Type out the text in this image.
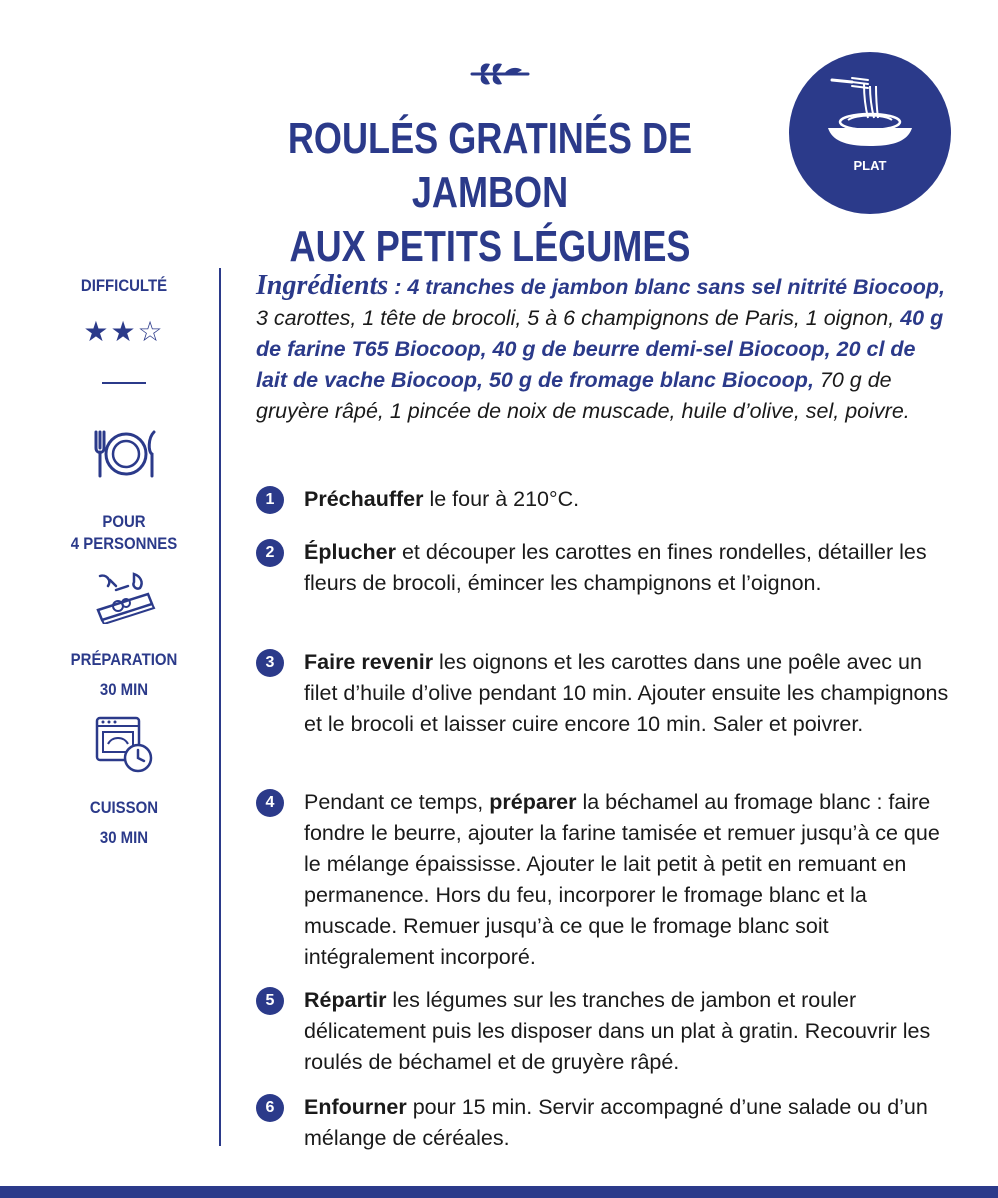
ROULÉS GRATINÉS DE JAMBON
AUX PETITS LÉGUMES
PLAT
DIFFICULTÉ
★★☆
POUR
4 PERSONNES
PRÉPARATION
30 MIN
CUISSON
30 MIN
Ingrédients : 4 tranches de jambon blanc sans sel nitrité Biocoop, 3 carottes, 1 tête de brocoli, 5 à 6 champignons de Paris, 1 oignon, 40 g de farine T65 Biocoop, 40 g de beurre demi-sel Biocoop, 20 cl de lait de vache Biocoop, 50 g de fromage blanc Biocoop, 70 g de gruyère râpé, 1 pincée de noix de muscade, huile d’olive, sel, poivre.
1	Préchauffer le four à 210°C.
2	Éplucher et découper les carottes en fines rondelles, détailler les fleurs de brocoli, émincer les champignons et l’oignon.
3	Faire revenir les oignons et les carottes dans une poêle avec un filet d’huile d’olive pendant 10 min. Ajouter ensuite les champignons et le brocoli et laisser cuire encore 10 min. Saler et poivrer.
4	Pendant ce temps, préparer la béchamel au fromage blanc : faire fondre le beurre, ajouter la farine tamisée et remuer jusqu’à ce que le mélange épaississe. Ajouter le lait petit à petit en remuant en permanence. Hors du feu, incorporer le fromage blanc et la muscade. Remuer jusqu’à ce que le fromage blanc soit intégralement incorporé.
5	Répartir les légumes sur les tranches de jambon et rouler délicatement puis les disposer dans un plat à gratin. Recouvrir les roulés de béchamel et de gruyère râpé.
6	Enfourner pour 15 min. Servir accompagné d’une salade ou d’un mélange de céréales.
